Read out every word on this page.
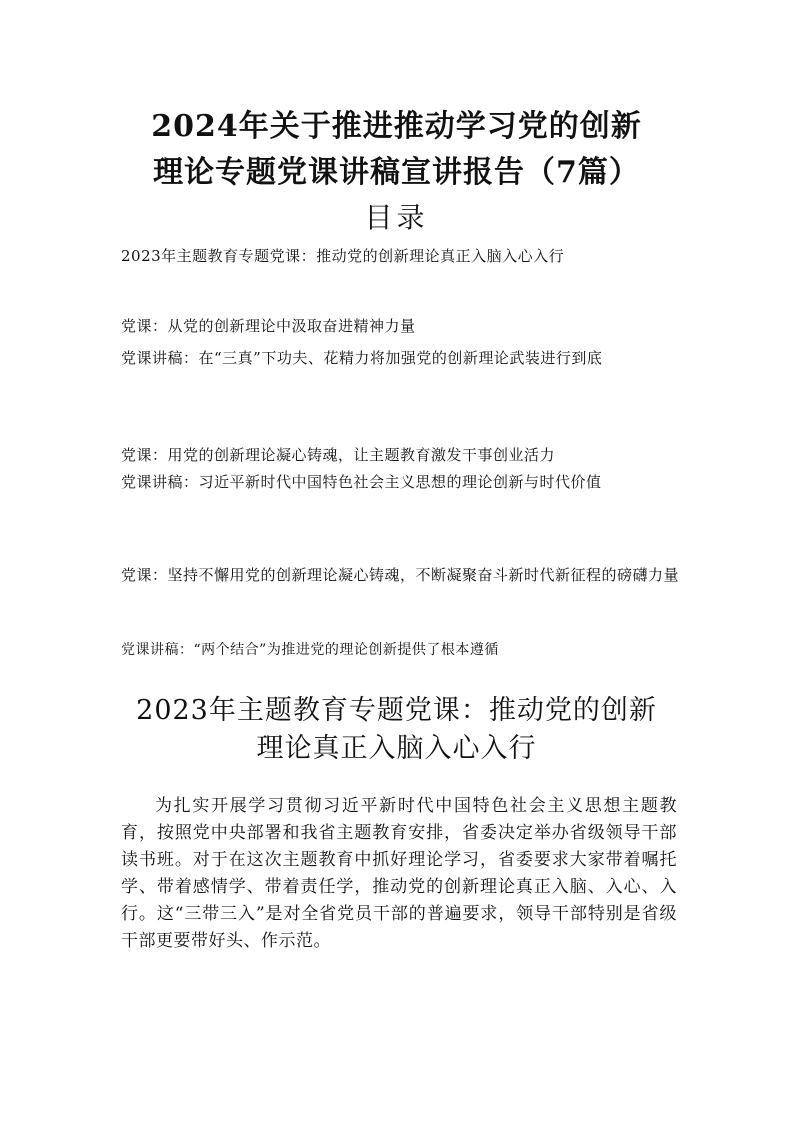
2024年关于推进推动学习党的创新
理论专题党课讲稿宣讲报告（7篇）
目录

2023年主题教育专题党课：推动党的创新理论真正入脑入心入行

党课：从党的创新理论中汲取奋进精神力量

党课讲稿：在“三真”下功夫、花精力将加强党的创新理论武装进行到底

党课：用党的创新理论凝心铸魂，让主题教育激发干事创业活力

党课讲稿：习近平新时代中国特色社会主义思想的理论创新与时代价值

党课：坚持不懈用党的创新理论凝心铸魂，不断凝聚奋斗新时代新征程的磅礴力量

党课讲稿：“两个结合”为推进党的理论创新提供了根本遵循

2023年主题教育专题党课：推动党的创新
理论真正入脑入心入行

为扎实开展学习贯彻习近平新时代中国特色社会主义思想主题教育，按照党中央部署和我省主题教育安排，省委决定举办省级领导干部读书班。对于在这次主题教育中抓好理论学习，省委要求大家带着嘱托学、带着感情学、带着责任学，推动党的创新理论真正入脑、入心、入行。这“三带三入”是对全省党员干部的普遍要求，领导干部特别是省级干部更要带好头、作示范。
